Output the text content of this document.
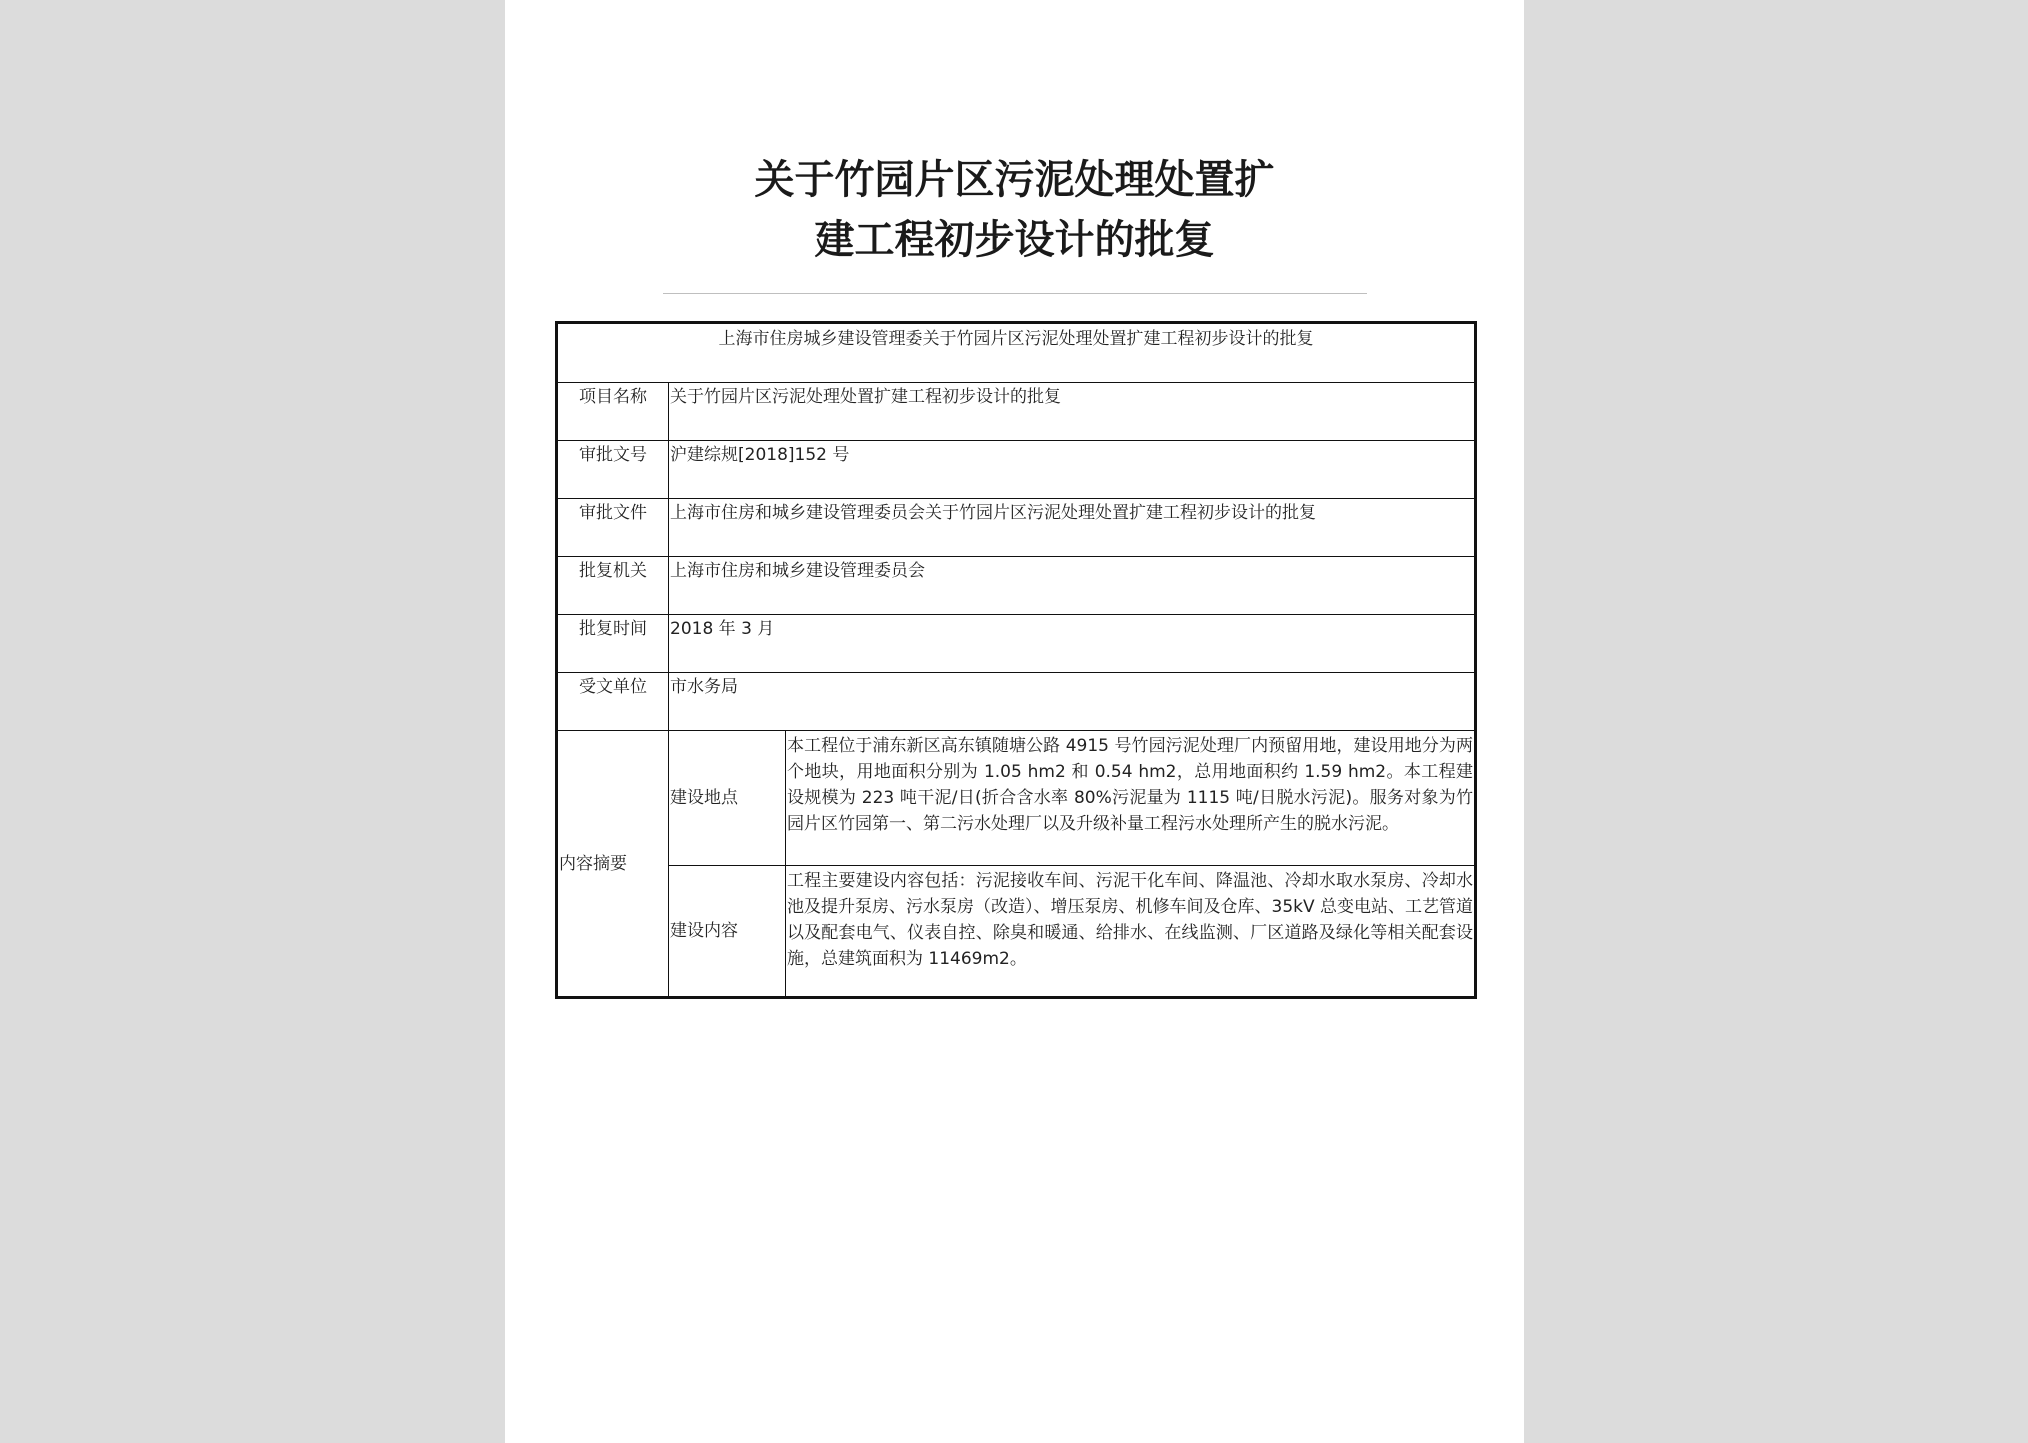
关于竹园片区污泥处理处置扩
建工程初步设计的批复
上海市住房城乡建设管理委关于竹园片区污泥处理处置扩建工程初步设计的批复		
项目名称	关于竹园片区污泥处理处置扩建工程初步设计的批复	
审批文号	沪建综规[2018]152 号	
审批文件	上海市住房和城乡建设管理委员会关于竹园片区污泥处理处置扩建工程初步设计的批复	
批复机关	上海市住房和城乡建设管理委员会	
批复时间	2018 年 3 月	
受文单位	市水务局	
内容摘要	建设地点	本工程位于浦东新区高东镇随塘公路 4915 号竹园污泥处理厂内预留用地，建设用地分为两个地块，用地面积分别为 1.05 hm2 和 0.54 hm2，总用地面积约 1.59 hm2。本工程建设规模为 223 吨干泥/日(折合含水率 80%污泥量为 1115 吨/日脱水污泥)。服务对象为竹园片区竹园第一、第二污水处理厂以及升级补量工程污水处理所产生的脱水污泥。
	建设内容	工程主要建设内容包括：污泥接收车间、污泥干化车间、降温池、冷却水取水泵房、冷却水池及提升泵房、污水泵房（改造）、增压泵房、机修车间及仓库、35kV 总变电站、工艺管道以及配套电气、仪表自控、除臭和暖通、给排水、在线监测、厂区道路及绿化等相关配套设施，总建筑面积为 11469m2。
